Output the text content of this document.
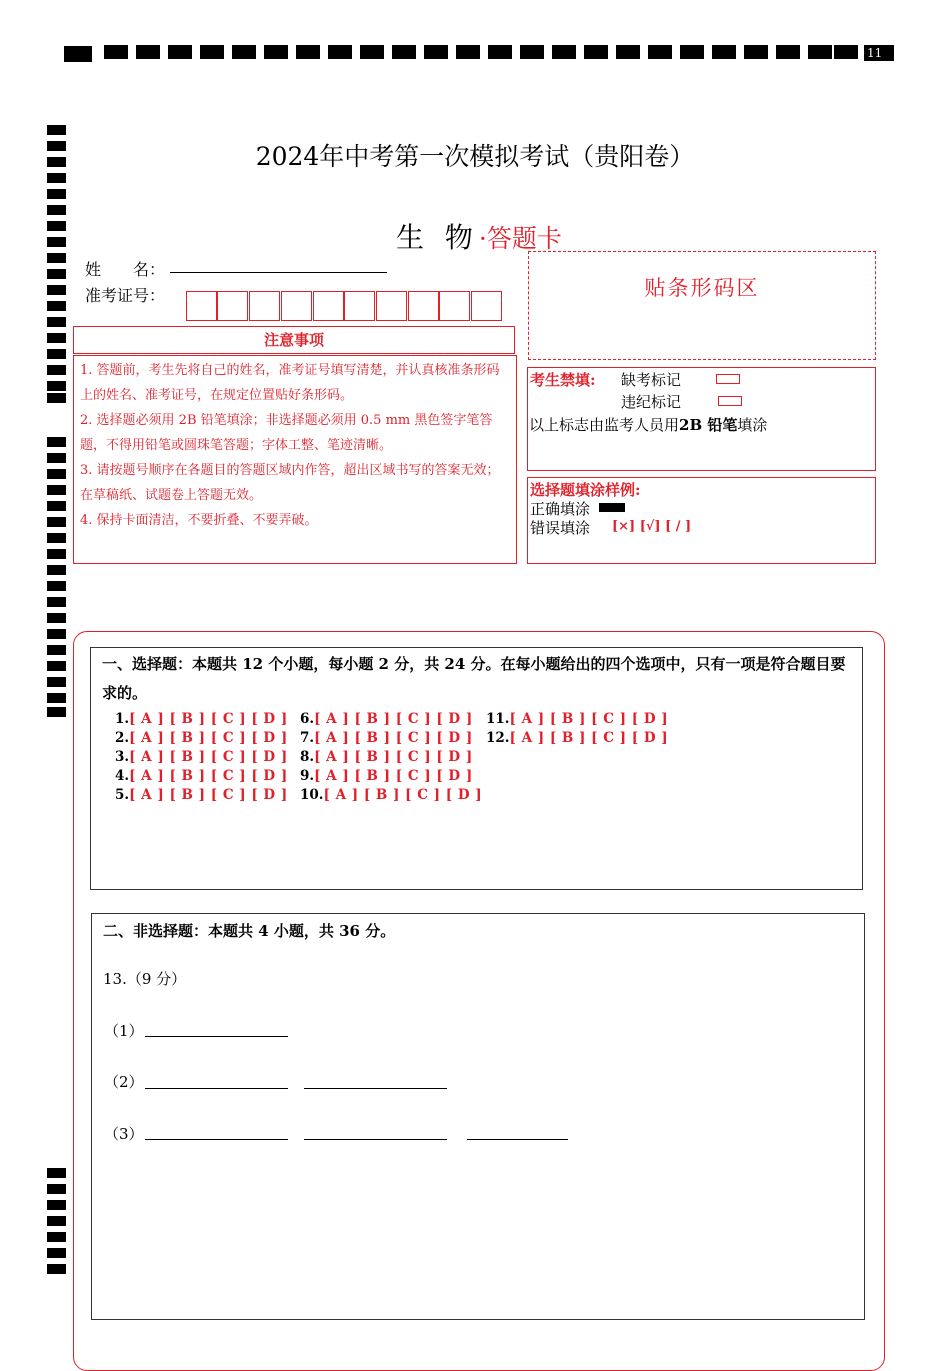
11
2024年中考第一次模拟考试（贵阳卷）
生 物·答题卡
姓　　名：
准考证号：	贴条形码区
注意事项
1. 答题前，考生先将自己的姓名，准考证号填写清楚，并认真核准条形码上的姓名、准考证号，在规定位置贴好条形码。
2. 选择题必须用 2B 铅笔填涂；非选择题必须用 0.5 mm 黑色签字笔答题，不得用铅笔或圆珠笔答题；字体工整、笔迹清晰。
3. 请按题号顺序在各题目的答题区域内作答，超出区域书写的答案无效；在草稿纸、试题卷上答题无效。
4. 保持卡面清洁，不要折叠、不要弄破。
考生禁填: 缺考标记
违纪标记
以上标志由监考人员用2B 铅笔填涂
选择题填涂样例:
正确填涂
错误填涂 [×] [√] [ / ]
一、选择题：本题共 12 个小题，每小题 2 分，共 24 分。在每小题给出的四个选项中，只有一项是符合题目要求的。
1.[ A ] [ B ] [ C ] [ D ]
2.[ A ] [ B ] [ C ] [ D ]
3.[ A ] [ B ] [ C ] [ D ]
4.[ A ] [ B ] [ C ] [ D ]
5.[ A ] [ B ] [ C ] [ D ]
6.[ A ] [ B ] [ C ] [ D ]
7.[ A ] [ B ] [ C ] [ D ]
8.[ A ] [ B ] [ C ] [ D ]
9.[ A ] [ B ] [ C ] [ D ]
10.[ A ] [ B ] [ C ] [ D ]
11.[ A ] [ B ] [ C ] [ D ]
12.[ A ] [ B ] [ C ] [ D ]
二、非选择题：本题共 4 小题，共 36 分。
13.（9 分）
（1）
（2）
（3）
